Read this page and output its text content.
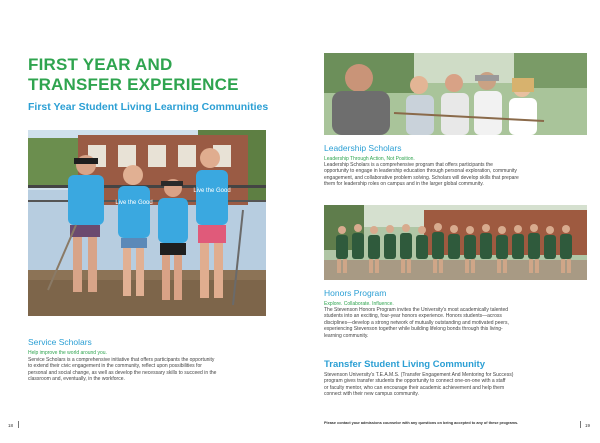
FIRST YEAR AND
TRANSFER EXPERIENCE
First Year Student Living Learning Communities
Live the Good
Live the Good
Service Scholars
Help improve the world around you.
Service Scholars is a comprehensive initiative that offers participants the opportunity
to extend their civic engagement in the community, reflect upon possibilities for
personal and social change, as well as develop the necessary skills to succeed in the
classroom and, eventually, in the workforce.
18
Leadership Scholars
Leadership Through Action, Not Position.
Leadership Scholars is a comprehensive program that offers participants the
opportunity to engage in leadership education through personal exploration, community
engagement, and collaborative problem solving. Scholars will develop skills that prepare
them for leadership roles on campus and in the larger global community.
Honors Program
Explore. Collaborate. Influence.
The Stevenson Honors Program invites the University's most academically talented
students into an exciting, four-year honors experience. Honors students—across
disciplines—develop a strong network of mutually outstanding and motivated peers,
experiencing Stevenson together while building lifelong bonds through this living-
learning community.
Transfer Student Living Community
Stevenson University's T.E.A.M.S. (Transfer Engagement And Mentoring for Success)
program gives transfer students the opportunity to connect one-on-one with a staff
or faculty mentor, who can encourage their academic achievement and help them
connect with their new campus community.
Please contact your admissions counselor with any questions on being accepted to any of these programs.	19
